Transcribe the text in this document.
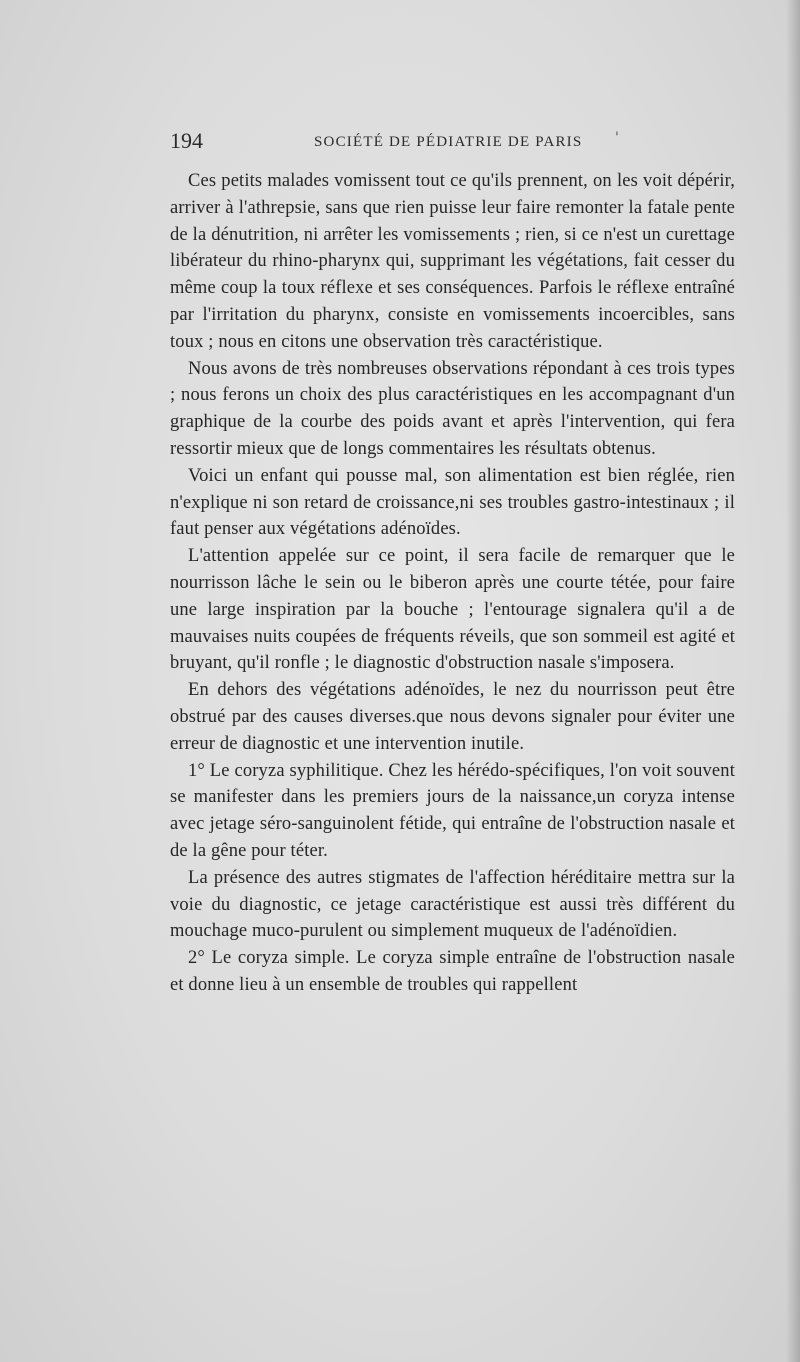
194	SOCIÉTÉ DE PÉDIATRIE DE PARIS '

Ces petits malades vomissent tout ce qu'ils prennent, on les voit dépérir, arriver à l'athrepsie, sans que rien puisse leur faire remonter la fatale pente de la dénutrition, ni arrêter les vomissements ; rien, si ce n'est un curettage libérateur du rhino-pharynx qui, supprimant les végétations, fait cesser du même coup la toux réflexe et ses conséquences. Parfois le réflexe entraîné par l'irritation du pharynx, consiste en vomissements incoercibles, sans toux ; nous en citons une observation très caractéristique.

Nous avons de très nombreuses observations répondant à ces trois types ; nous ferons un choix des plus caractéristiques en les accompagnant d'un graphique de la courbe des poids avant et après l'intervention, qui fera ressortir mieux que de longs commentaires les résultats obtenus.

Voici un enfant qui pousse mal, son alimentation est bien réglée, rien n'explique ni son retard de croissance,ni ses troubles gastro-intestinaux ; il faut penser aux végétations adénoïdes.

L'attention appelée sur ce point, il sera facile de remarquer que le nourrisson lâche le sein ou le biberon après une courte tétée, pour faire une large inspiration par la bouche ; l'entourage signalera qu'il a de mauvaises nuits coupées de fréquents réveils, que son sommeil est agité et bruyant, qu'il ronfle ; le diagnostic d'obstruction nasale s'imposera.

En dehors des végétations adénoïdes, le nez du nourrisson peut être obstrué par des causes diverses.que nous devons signaler pour éviter une erreur de diagnostic et une intervention inutile.

1° Le coryza syphilitique. Chez les hérédo-spécifiques, l'on voit souvent se manifester dans les premiers jours de la naissance,un coryza intense avec jetage séro-sanguinolent fétide, qui entraîne de l'obstruction nasale et de la gêne pour téter.

La présence des autres stigmates de l'affection héréditaire mettra sur la voie du diagnostic, ce jetage caractéristique est aussi très différent du mouchage muco-purulent ou simplement muqueux de l'adénoïdien.

2° Le coryza simple. Le coryza simple entraîne de l'obstruction nasale et donne lieu à un ensemble de troubles qui rappellent
